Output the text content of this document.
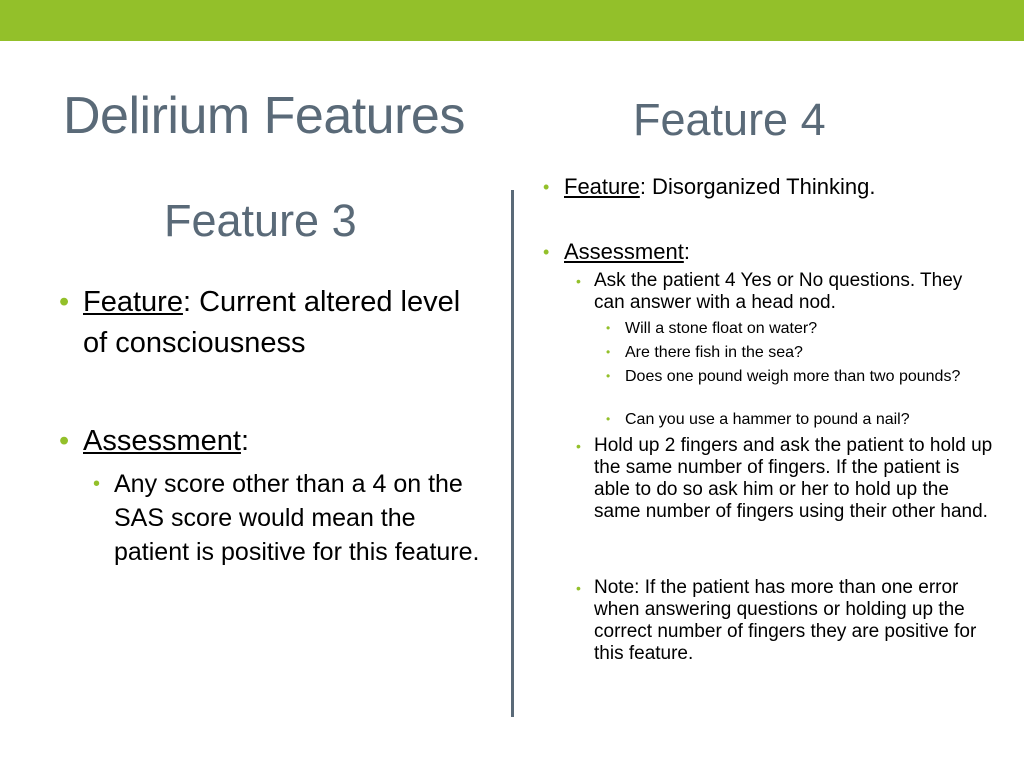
Delirium Features	Feature 4
Feature 3
• Feature: Current altered level of consciousness
• Assessment:
• Any score other than a 4 on the SAS score would mean the patient is positive for this feature.
• Feature: Disorganized Thinking.
• Assessment:
• Ask the patient 4 Yes or No questions. They can answer with a head nod.
• Will a stone float on water?
• Are there fish in the sea?
• Does one pound weigh more than two pounds?
• Can you use a hammer to pound a nail?
• Hold up 2 fingers and ask the patient to hold up the same number of fingers. If the patient is able to do so ask him or her to hold up the same number of fingers using their other hand.
• Note: If the patient has more than one error when answering questions or holding up the correct number of fingers they are positive for this feature.
